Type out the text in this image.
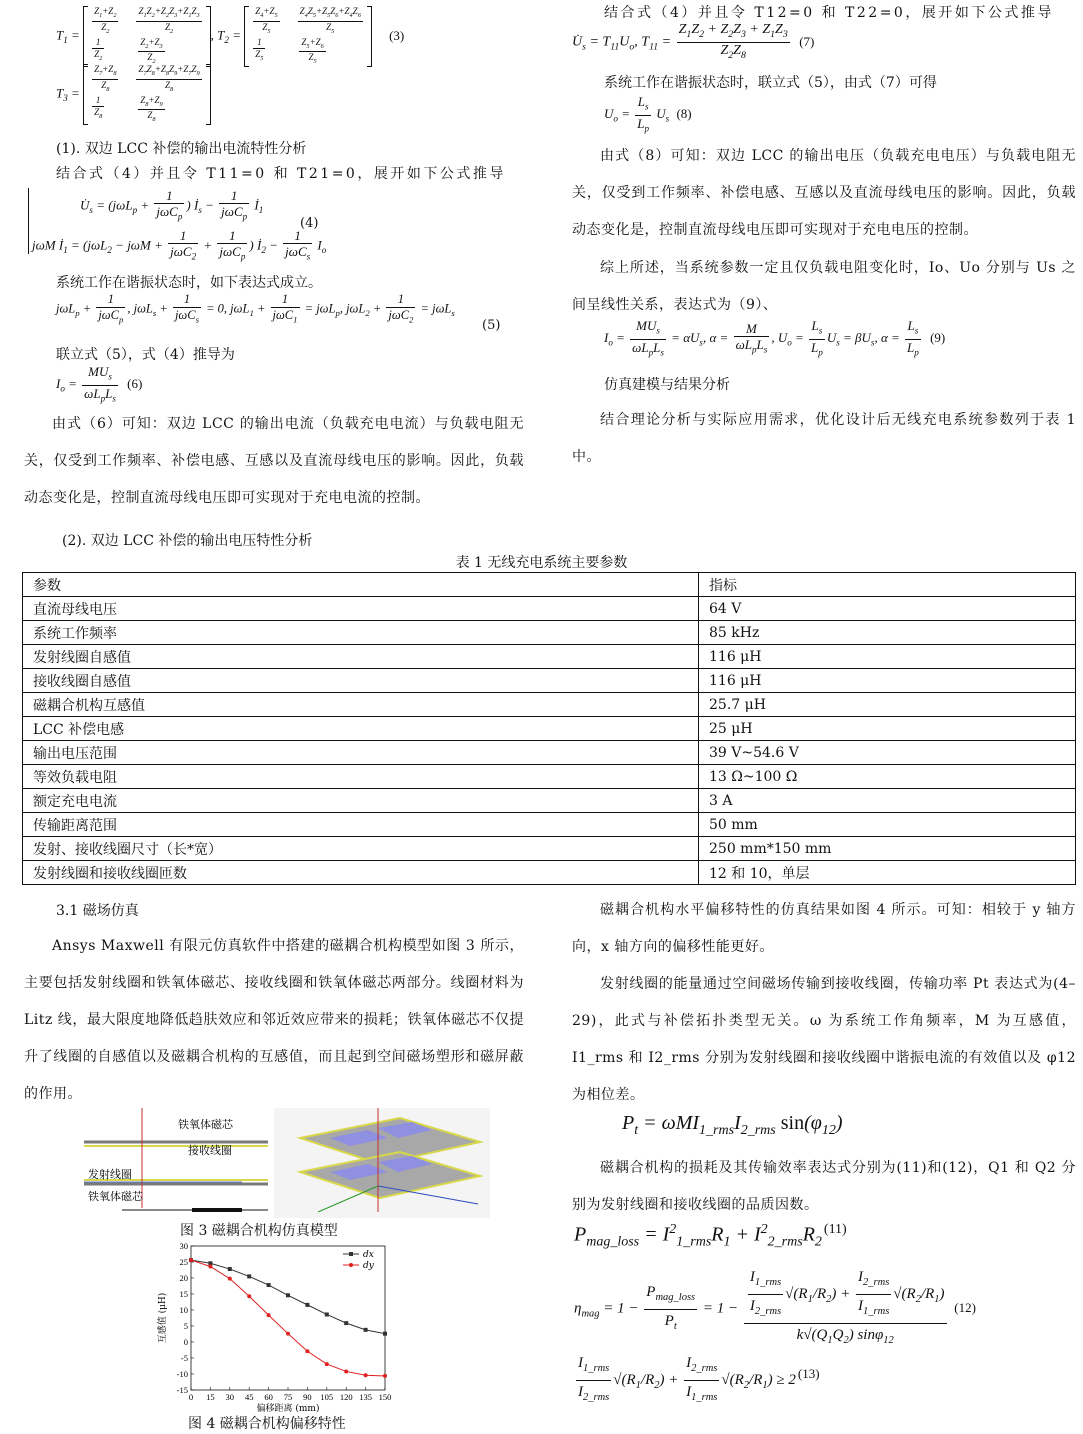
$T_1 = \frac{Z_1+Z_2}{Z_2} \frac{Z_1Z_2+Z_2Z_3+Z_1Z_3}{Z_2}$
$\frac{1}{Z_2}$	$\frac{Z_2+Z_3}{Z_2}$
, $T_2 = \frac{Z_4+Z_5}{Z_5} \frac{Z_4Z_5+Z_5Z_6+Z_4Z_6}{Z_5}$
$\frac{1}{Z_5}$	$\frac{Z_5+Z_6}{Z_5}$
(3)
$T_3 = \frac{Z_7+Z_8}{Z_8} \frac{Z_7Z_8+Z_8Z_9+Z_7Z_9}{Z_8}$
$\frac{1}{Z_8}$	$\frac{Z_8+Z_9}{Z_8}$
(1). 双边 LCC 补偿的输出电流特性分析
结合式（4）并且令 T11=0 和 T21=0，展开如下公式推导
$U̇_s = (j\omega L_p + \frac{1}{j\omega C_p}$ ) $İ_s - \frac{1}{j\omega C_p}$ $İ_1$
jωM $İ_1 = (j\omega L_2 - j\omega M + \frac{1}{j\omega C_2} + \frac{1}{j\omega C_p}$ ) $İ_2 - \frac{1}{j\omega C_s} I_o$
(4)
系统工作在谐振状态时，如下表达式成立。
$j\omega L_p + \frac{1}{j\omega C_p}$ , $j\omega L_s + \frac{1}{j\omega C_s} = 0$, $j\omega L_1 + \frac{1}{j\omega C_1} = j\omega L_p$, $j\omega L_2 + \frac{1}{j\omega C_2} = j\omega L_s$
(5)
联立式（5），式（4）推导为
$I_o = \frac{MU_s}{\omega L_pL_s} (6)$
由式（6）可知：双边 LCC 的输出电流（负载充电电流）与负载电阻无关，仅受到工作频率、补偿电感、互感以及直流母线电压的影响。因此，负载动态变化是，控制直流母线电压即可实现对于充电电流的控制。
(2). 双边 LCC 补偿的输出电压特性分析
结合式（4）并且令 T12=0 和 T22=0，展开如下公式推导
$U̇_s = T_{11}U_o$, $T_{11} = \frac{Z_1Z_2 + Z_2Z_3 + Z_1Z_3}{Z_2Z_8} (7)$
系统工作在谐振状态时，联立式（5），由式（7）可得
$U_o = \frac{L_s}{L_p} U_s$ (8)
由式（8）可知：双边 LCC 的输出电压（负载充电电压）与负载电阻无关，仅受到工作频率、补偿电感、互感以及直流母线电压的影响。因此，负载动态变化是，控制直流母线电压即可实现对于充电电压的控制。
综上所述，当系统参数一定且仅负载电阻变化时，Io、Uo 分别与 Us 之间呈线性关系，表达式为（9）、
$I_o = \frac{MU_s}{\omega L_pL_s} = \alpha U_s$, $\alpha = \frac{M}{\omega L_pL_s}$ , $U_o = \frac{L_s}{L_p} U_s = \beta U_s$, $\alpha = \frac{L_s}{L_p} (9)$
仿真建模与结果分析
结合理论分析与实际应用需求，优化设计后无线充电系统参数列于表 1 中。
表 1 无线充电系统主要参数
参数	指标
直流母线电压	64 V
系统工作频率	85 kHz
发射线圈自感值	116 μH
接收线圈自感值	116 μH
磁耦合机构互感值	25.7 μH
LCC 补偿电感	25 μH
输出电压范围	39 V~54.6 V
等效负载电阻	13 Ω~100 Ω
额定充电电流	3 A
传输距离范围	50 mm
发射、接收线圈尺寸（长*宽）	250 mm*150 mm
发射线圈和接收线圈匝数	12 和 10，单层
3.1 磁场仿真
Ansys Maxwell 有限元仿真软件中搭建的磁耦合机构模型如图 3 所示，主要包括发射线圈和铁氧体磁芯、接收线圈和铁氧体磁芯两部分。线圈材料为 Litz 线，最大限度地降低趋肤效应和邻近效应带来的损耗；铁氧体磁芯不仅提升了线圈的自感值以及磁耦合机构的互感值，而且起到空间磁场塑形和磁屏蔽的作用。
铁氧体磁芯
接收线圈
发射线圈
铁氧体磁芯
图 3 磁耦合机构仿真模型
-15
-10
-5
0
5
10
15
20
25
30
0 15 30 45 60 75 90 105 120 135 150
偏移距离 (mm)
互感值 (μH)
dx
dy
图 4 磁耦合机构偏移特性
磁耦合机构水平偏移特性的仿真结果如图 4 所示。可知：相较于 y 轴方向，x 轴方向的偏移性能更好。
发射线圈的能量通过空间磁场传输到接收线圈，传输功率 Pt 表达式为(4–29)，此式与补偿拓扑类型无关。ω 为系统工作角频率，M 为互感值，I1_rms 和 I2_rms 分别为发射线圈和接收线圈中谐振电流的有效值以及 φ12 为相位差。
$P_t = \omega MI_{1\_rms}I_{2\_rms}$ $\sin(\varphi_{12})$
磁耦合机构的损耗及其传输效率表达式分别为(11)和(12)，Q1 和 Q2 分别为发射线圈和接收线圈的品质因数。
$P_{mag\_loss} = I^2_{1\_rms}R_1 + I^2_{2\_rms}R_2^{(11)}$
$\eta_{mag} = 1 - \frac{P_{mag\_loss}}{P_t} = 1 - \frac{\frac{I_{1\_rms}}{I_{2\_rms}} √(R_1/R_2) + \frac{I_{2\_rms}}{I_{1\_rms}} √(R_2/R_1)}{k√(Q_1Q_2) \sin\varphi_{12}} (12)$
$\frac{I_{1\_rms}}{I_{2\_rms}} √(R_1/R_2) + \frac{I_{2\_rms}}{I_{1\_rms}} √(R_2/R_1) \ge 2$ (13)
